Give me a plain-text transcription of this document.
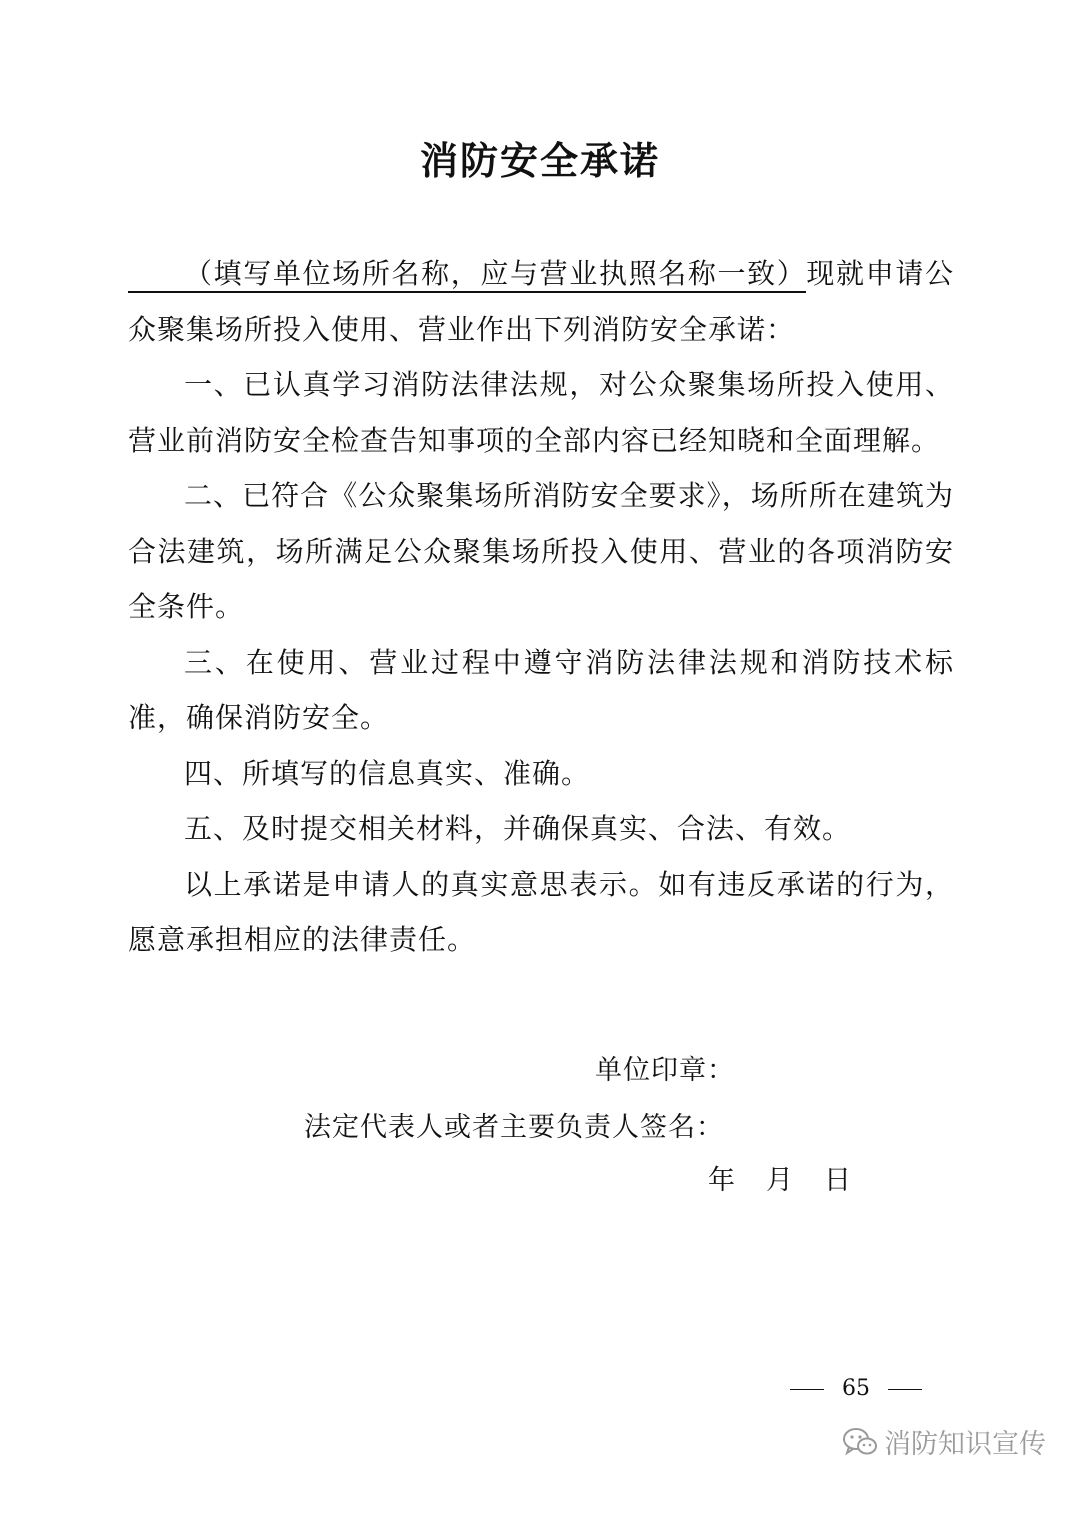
消防安全承诺

（填写单位场所名称，应与营业执照名称一致）现就申请公众聚集场所投入使用、营业作出下列消防安全承诺：

一、已认真学习消防法律法规，对公众聚集场所投入使用、营业前消防安全检查告知事项的全部内容已经知晓和全面理解。

二、已符合《公众聚集场所消防安全要求》，场所所在建筑为合法建筑，场所满足公众聚集场所投入使用、营业的各项消防安全条件。

三、在使用、营业过程中遵守消防法律法规和消防技术标准，确保消防安全。

四、所填写的信息真实、准确。

五、及时提交相关材料，并确保真实、合法、有效。

以上承诺是申请人的真实意思表示。如有违反承诺的行为，愿意承担相应的法律责任。

单位印章：
法定代表人或者主要负责人签名：
年 月 日
65
消防知识宣传
